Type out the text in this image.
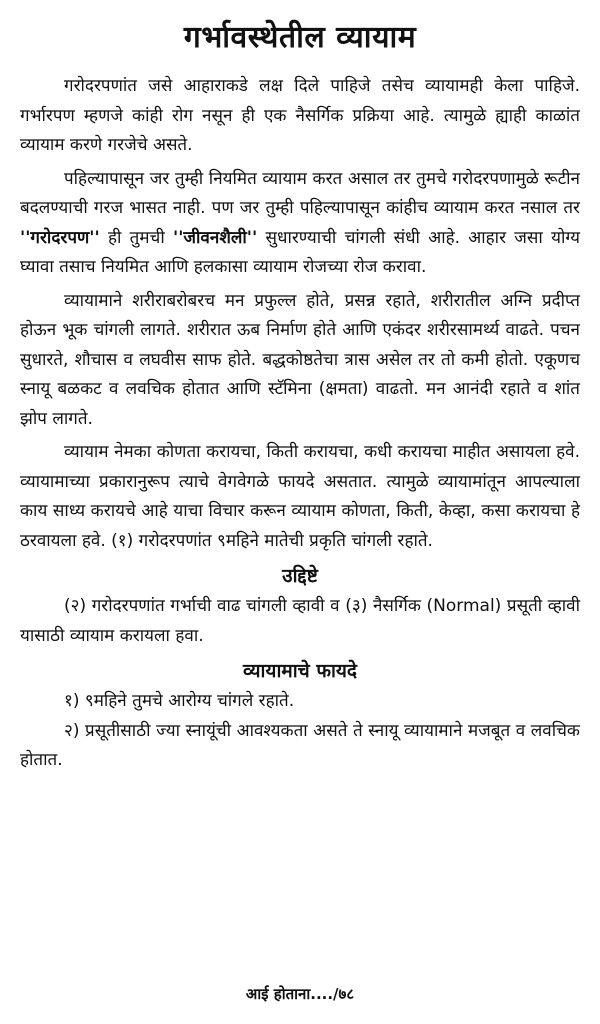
गर्भावस्थेतील व्यायाम

गरोदरपणांत जसे आहाराकडे लक्ष दिले पाहिजे तसेच व्यायामही केला पाहिजे. गर्भारपण म्हणजे कांही रोग नसून ही एक नैसर्गिक प्रक्रिया आहे. त्यामुळे ह्याही काळांत व्यायाम करणे गरजेचे असते.

पहिल्यापासून जर तुम्ही नियमित व्यायाम करत असाल तर तुमचे गरोदरपणामुळे रूटीन बदलण्याची गरज भासत नाही. पण जर तुम्ही पहिल्यापासून कांहीच व्यायाम करत नसाल तर ''गरोदरपण'' ही तुमची ''जीवनशैली'' सुधारण्याची चांगली संधी आहे. आहार जसा योग्य घ्यावा तसाच नियमित आणि हलकासा व्यायाम रोजच्या रोज करावा.

व्यायामाने शरीराबरोबरच मन प्रफुल्ल होते, प्रसन्न रहाते, शरीरातील अग्नि प्रदीप्त होऊन भूक चांगली लागते. शरीरात ऊब निर्माण होते आणि एकंदर शरीरसामर्थ्य वाढते. पचन सुधारते, शौचास व लघवीस साफ होते. बद्धकोष्ठतेचा त्रास असेल तर तो कमी होतो. एकूणच स्नायू बळकट व लवचिक होतात आणि स्टॅमिना (क्षमता) वाढतो. मन आनंदी रहाते व शांत झोप लागते.

व्यायाम नेमका कोणता करायचा, किती करायचा, कधी करायचा माहीत असायला हवे. व्यायामाच्या प्रकारानुरूप त्याचे वेगवेगळे फायदे असतात. त्यामुळे व्यायामांतून आपल्याला काय साध्य करायचे आहे याचा विचार करून व्यायाम कोणता, किती, केव्हा, कसा करायचा हे ठरवायला हवे. (१) गरोदरपणांत ९महिने मातेची प्रकृति चांगली रहाते.

उद्दिष्टे

(२) गरोदरपणांत गर्भाची वाढ चांगली व्हावी व (३) नैसर्गिक (Normal) प्रसूती व्हावी यासाठी व्यायाम करायला हवा.

व्यायामाचे फायदे

१) ९महिने तुमचे आरोग्य चांगले रहाते.

२) प्रसूतीसाठी ज्या स्नायूंची आवश्यकता असते ते स्नायू व्यायामाने मजबूत व लवचिक होतात.

आई होताना..../७८
